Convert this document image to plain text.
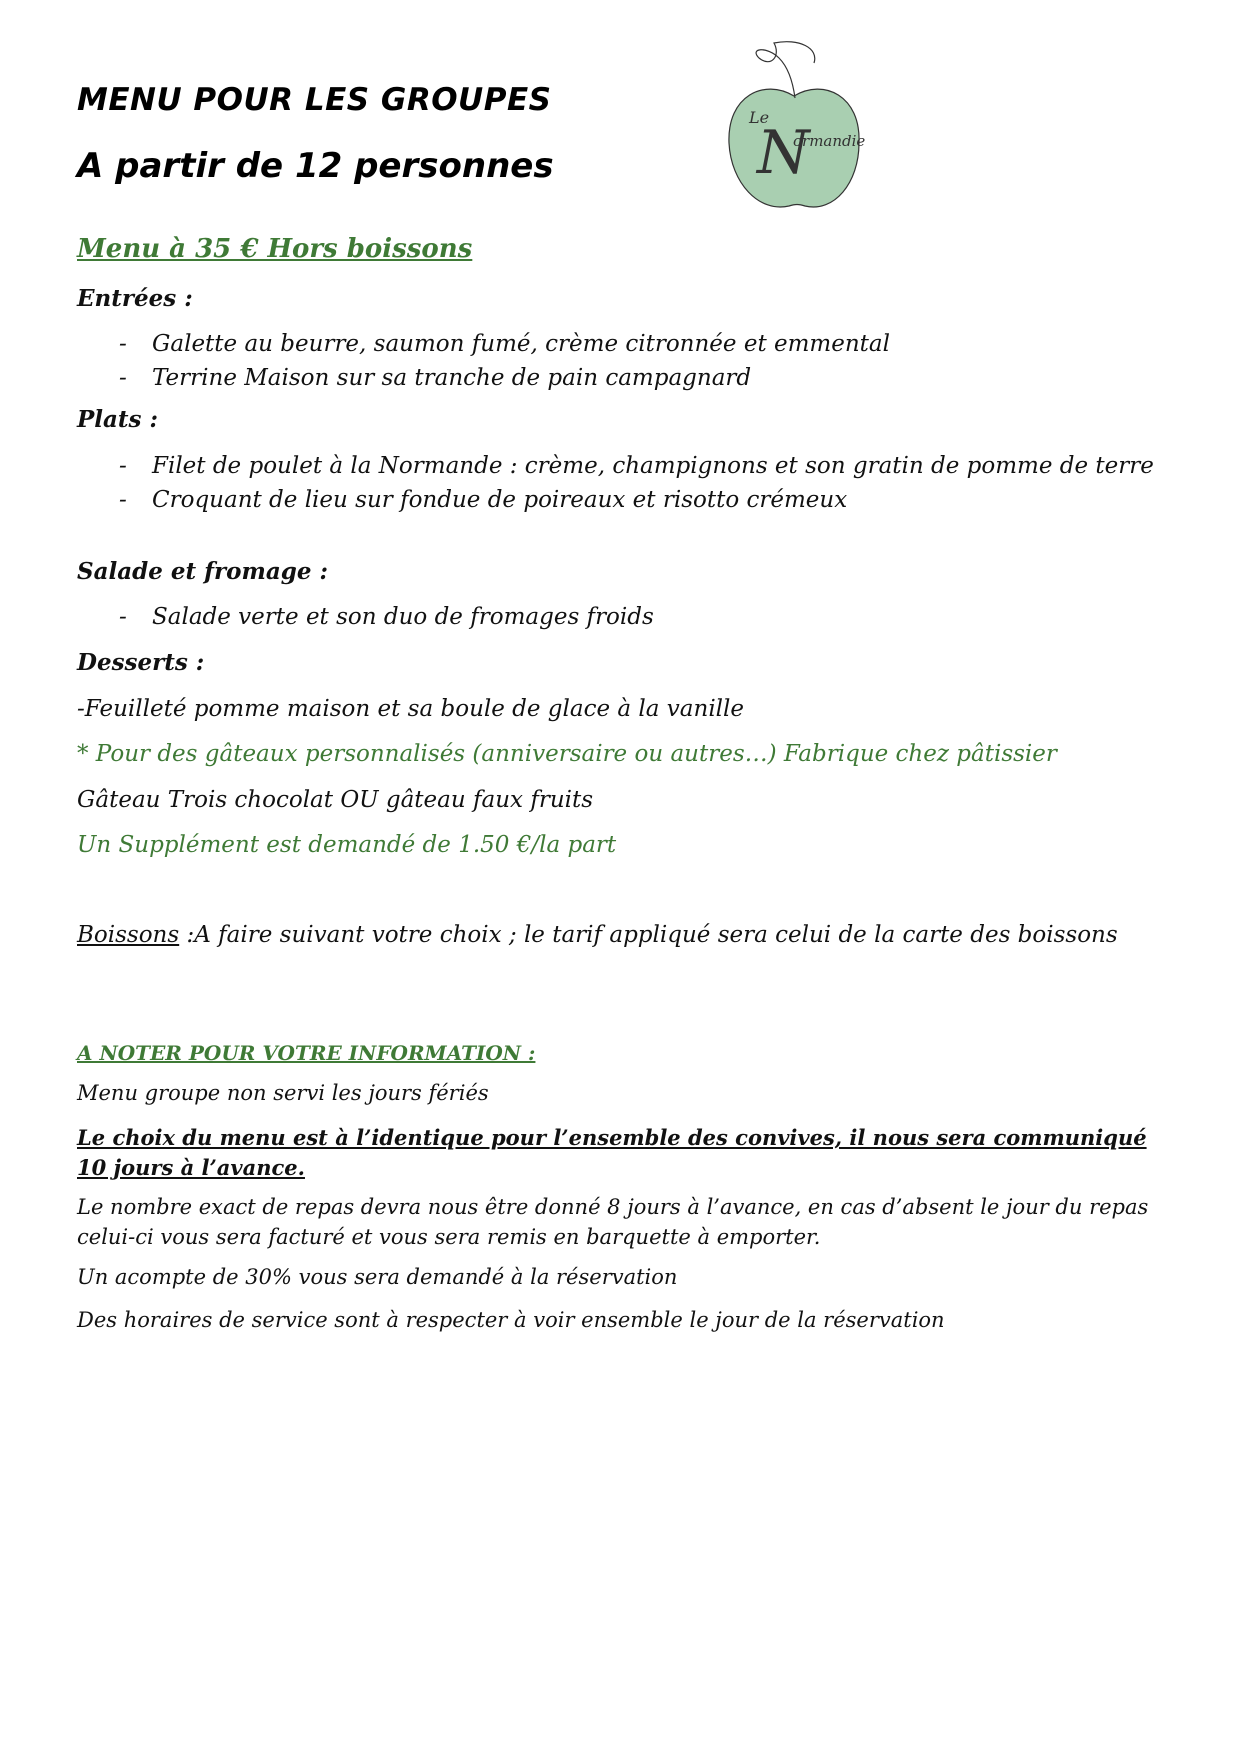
MENU POUR LES GROUPES
A partir de 12 personnes
Le
N
ormandie
Menu à 35 € Hors boissons
Entrées :
- Galette au beurre, saumon fumé, crème citronnée et emmental
- Terrine Maison sur sa tranche de pain campagnard
Plats :
- Filet de poulet à la Normande : crème, champignons et son gratin de pomme de terre
- Croquant de lieu sur fondue de poireaux et risotto crémeux
Salade et fromage :
- Salade verte et son duo de fromages froids
Desserts :
-Feuilleté pomme maison et sa boule de glace à la vanille
* Pour des gâteaux personnalisés (anniversaire ou autres…) Fabrique chez pâtissier
Gâteau Trois chocolat OU gâteau faux fruits
Un Supplément est demandé de 1.50 €/la part
Boissons :A faire suivant votre choix ; le tarif appliqué sera celui de la carte des boissons
A NOTER POUR VOTRE INFORMATION :
Menu groupe non servi les jours fériés
Le choix du menu est à l’identique pour l’ensemble des convives, il nous sera communiqué 10 jours à l’avance.
Le nombre exact de repas devra nous être donné 8 jours à l’avance, en cas d’absent le jour du repas celui-ci vous sera facturé et vous sera remis en barquette à emporter.
Un acompte de 30% vous sera demandé à la réservation
Des horaires de service sont à respecter à voir ensemble le jour de la réservation
